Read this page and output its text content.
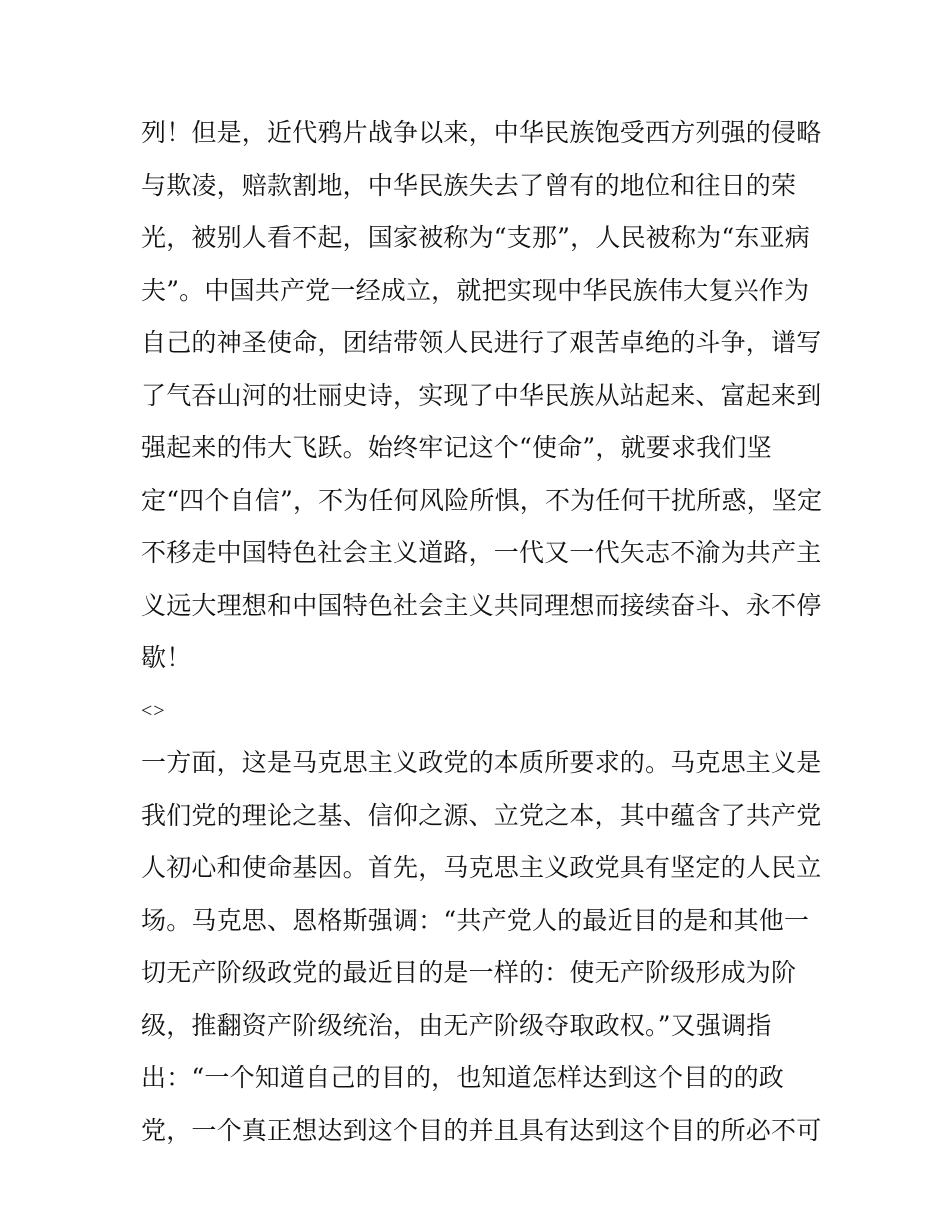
列！但是，近代鸦片战争以来，中华民族饱受西方列强的侵略
与欺凌，赔款割地，中华民族失去了曾有的地位和往日的荣
光，被别人看不起，国家被称为“支那”，人民被称为“东亚病
夫”。中国共产党一经成立，就把实现中华民族伟大复兴作为
自己的神圣使命，团结带领人民进行了艰苦卓绝的斗争，谱写
了气吞山河的壮丽史诗，实现了中华民族从站起来、富起来到
强起来的伟大飞跃。始终牢记这个“使命”，就要求我们坚
定“四个自信”，不为任何风险所惧，不为任何干扰所惑，坚定
不移走中国特色社会主义道路，一代又一代矢志不渝为共产主
义远大理想和中国特色社会主义共同理想而接续奋斗、永不停
歇！
<>
一方面，这是马克思主义政党的本质所要求的。马克思主义是
我们党的理论之基、信仰之源、立党之本，其中蕴含了共产党
人初心和使命基因。首先，马克思主义政党具有坚定的人民立
场。马克思、恩格斯强调：“共产党人的最近目的是和其他一
切无产阶级政党的最近目的是一样的：使无产阶级形成为阶
级，推翻资产阶级统治，由无产阶级夺取政权。”又强调指
出：“一个知道自己的目的，也知道怎样达到这个目的的政
党，一个真正想达到这个目的并且具有达到这个目的所必不可
